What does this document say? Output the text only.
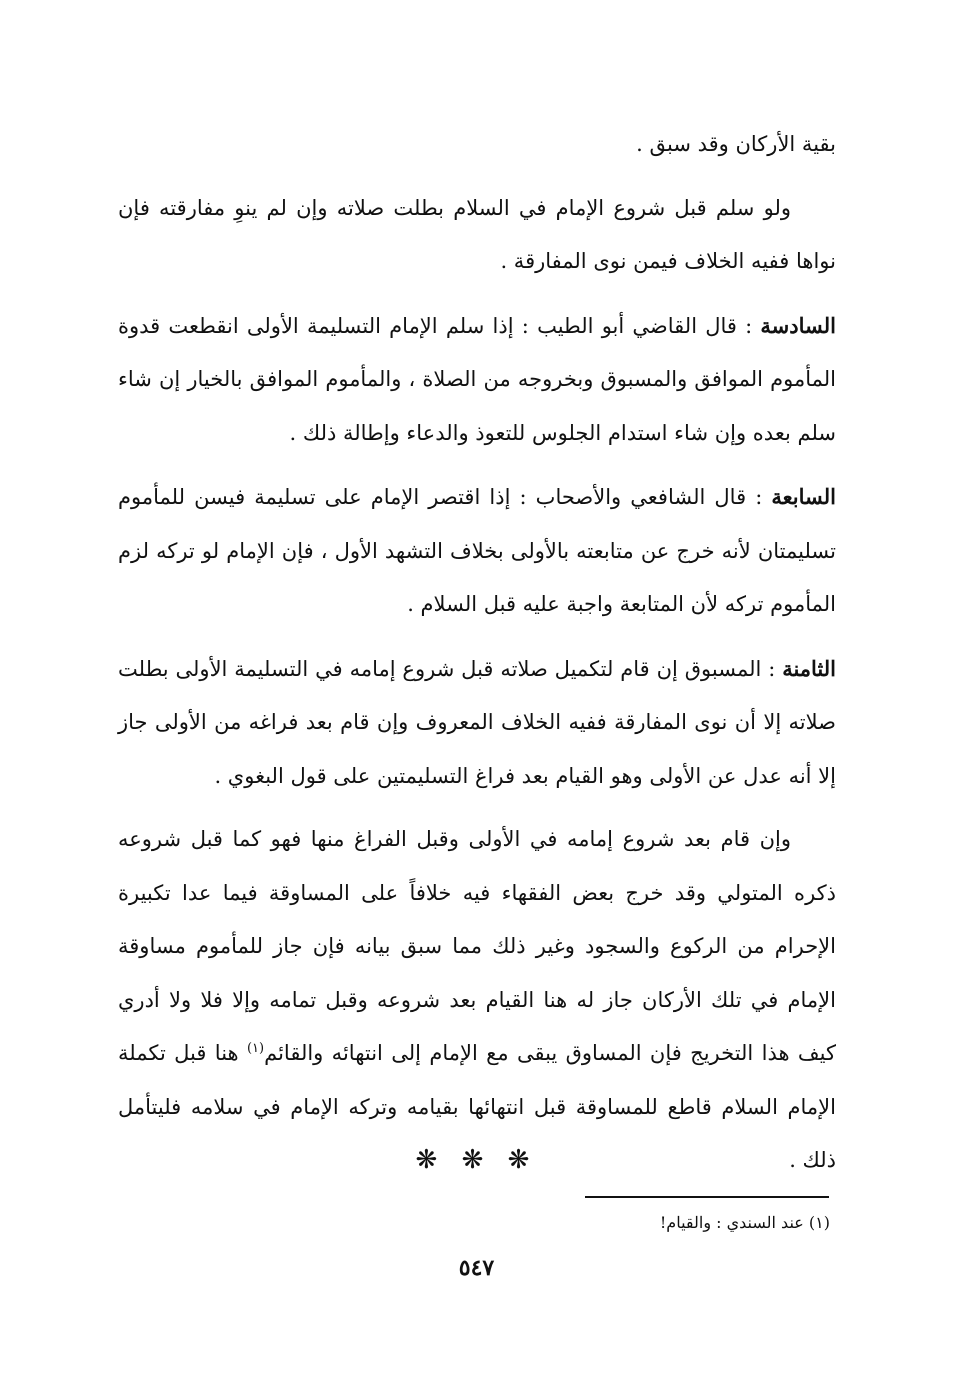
بقية الأركان وقد سبق .

ولو سلم قبل شروع الإمام في السلام بطلت صلاته وإن لم ينوِ مفارقته فإن نواها ففيه الخلاف فيمن نوى المفارقة .

السادسة : قال القاضي أبو الطيب : إذا سلم الإمام التسليمة الأولى انقطعت قدوة المأموم الموافق والمسبوق وبخروجه من الصلاة ، والمأموم الموافق بالخيار إن شاء سلم بعده وإن شاء استدام الجلوس للتعوذ والدعاء وإطالة ذلك .

السابعة : قال الشافعي والأصحاب : إذا اقتصر الإمام على تسليمة فيسن للمأموم تسليمتان لأنه خرج عن متابعته بالأولى بخلاف التشهد الأول ، فإن الإمام لو تركه لزم المأموم تركه لأن المتابعة واجبة عليه قبل السلام .

الثامنة : المسبوق إن قام لتكميل صلاته قبل شروع إمامه في التسليمة الأولى بطلت صلاته إلا أن نوى المفارقة ففيه الخلاف المعروف وإن قام بعد فراغه من الأولى جاز إلا أنه عدل عن الأولى وهو القيام بعد فراغ التسليمتين على قول البغوي .

وإن قام بعد شروع إمامه في الأولى وقبل الفراغ منها فهو كما قبل شروعه ذكره المتولي وقد خرج بعض الفقهاء فيه خلافاً على المساوقة فيما عدا تكبيرة الإحرام من الركوع والسجود وغير ذلك مما سبق بيانه فإن جاز للمأموم مساوقة الإمام في تلك الأركان جاز له هنا القيام بعد شروعه وقبل تمامه وإلا فلا ولا أدري كيف هذا التخريج فإن المساوق يبقى مع الإمام إلى انتهائه والقائم$^{(١)}$ هنا قبل تكملة الإمام السلام قاطع للمساوقة قبل انتهائها بقيامه وتركه الإمام في سلامه فليتأمل ذلك .

❋ ❋ ❋
(١) عند السندي : والقيام!
٥٤٧
